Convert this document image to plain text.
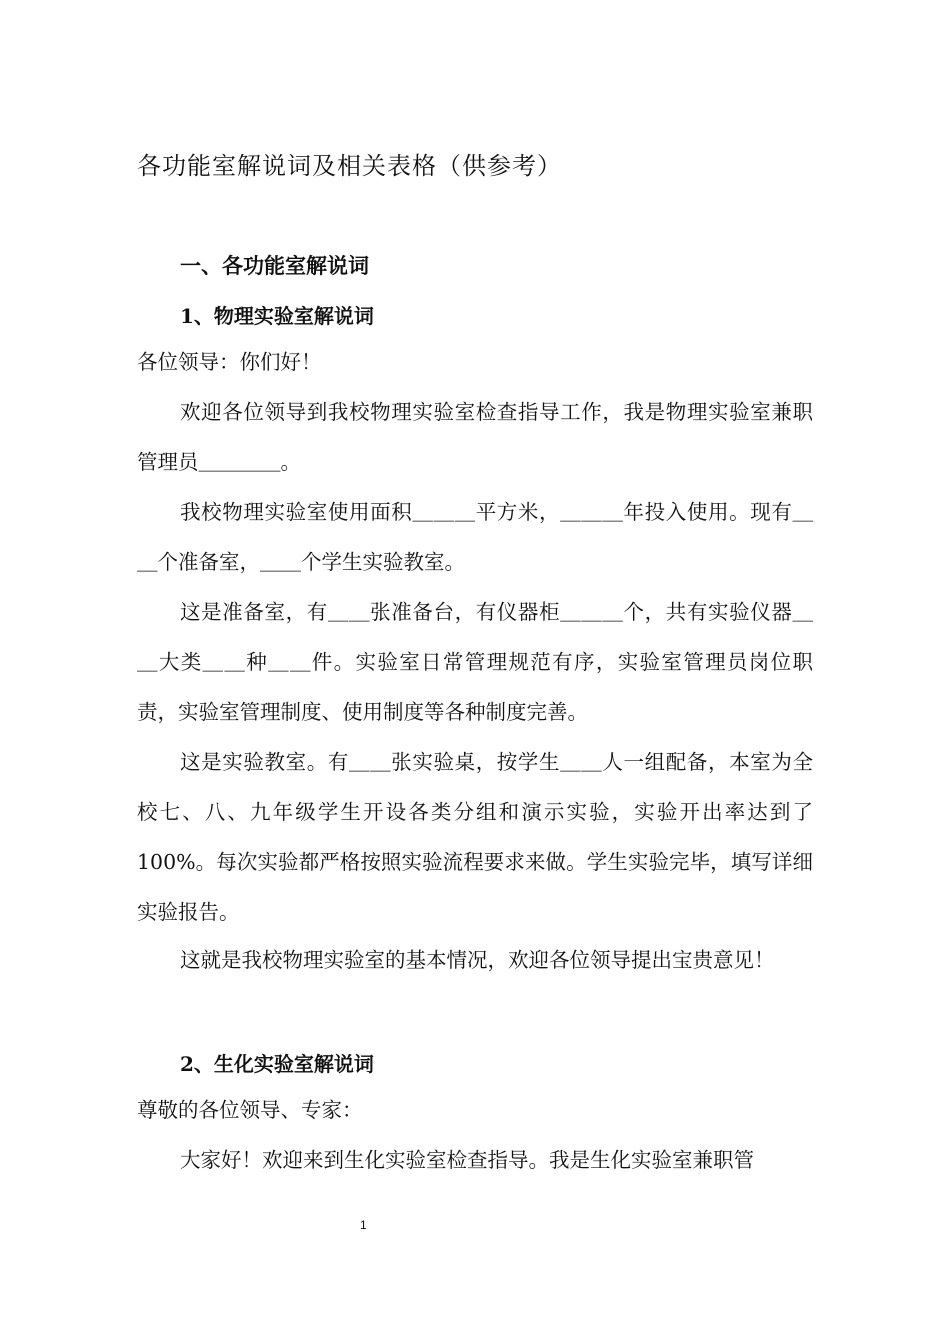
各功能室解说词及相关表格（供参考）
一、各功能室解说词
1、物理实验室解说词

各位领导：你们好！

欢迎各位领导到我校物理实验室检查指导工作，我是物理实验室兼职管理员＿＿＿＿。

我校物理实验室使用面积＿＿＿平方米，＿＿＿年投入使用。现有＿＿个准备室，＿＿个学生实验教室。

这是准备室，有＿＿张准备台，有仪器柜＿＿＿个，共有实验仪器＿＿大类＿＿种＿＿件。实验室日常管理规范有序，实验室管理员岗位职责，实验室管理制度、使用制度等各种制度完善。

这是实验教室。有＿＿张实验桌，按学生＿＿人一组配备，本室为全校七、八、九年级学生开设各类分组和演示实验，实验开出率达到了100%。每次实验都严格按照实验流程要求来做。学生实验完毕，填写详细实验报告。

这就是我校物理实验室的基本情况，欢迎各位领导提出宝贵意见！

2、生化实验室解说词

尊敬的各位领导、专家：

大家好！欢迎来到生化实验室检查指导。我是生化实验室兼职管

1
